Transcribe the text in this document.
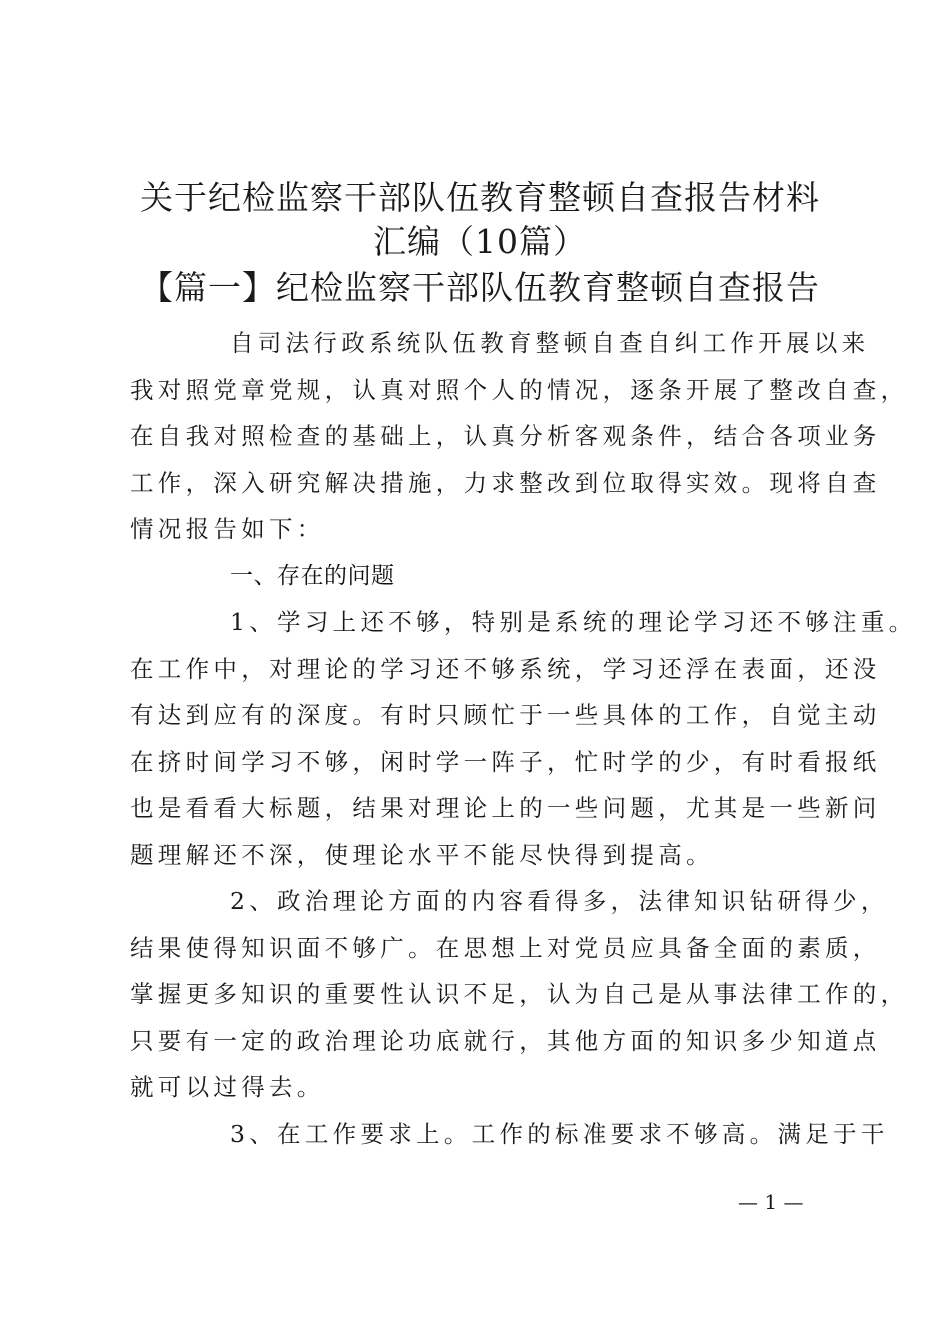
关于纪检监察干部队伍教育整顿自查报告材料
汇编（10篇）
【篇一】纪检监察干部队伍教育整顿自查报告
自司法行政系统队伍教育整顿自查自纠工作开展以来
我对照党章党规，认真对照个人的情况，逐条开展了整改自查，
在自我对照检查的基础上，认真分析客观条件，结合各项业务
工作，深入研究解决措施，力求整改到位取得实效。现将自查
情况报告如下：
一、存在的问题
1、学习上还不够，特别是系统的理论学习还不够注重。
在工作中，对理论的学习还不够系统，学习还浮在表面，还没
有达到应有的深度。有时只顾忙于一些具体的工作，自觉主动
在挤时间学习不够，闲时学一阵子，忙时学的少，有时看报纸
也是看看大标题，结果对理论上的一些问题，尤其是一些新问
题理解还不深，使理论水平不能尽快得到提高。
2、政治理论方面的内容看得多，法律知识钻研得少，
结果使得知识面不够广。在思想上对党员应具备全面的素质，
掌握更多知识的重要性认识不足，认为自己是从事法律工作的，
只要有一定的政治理论功底就行，其他方面的知识多少知道点
就可以过得去。
3、在工作要求上。工作的标准要求不够高。满足于干
— 1 —
